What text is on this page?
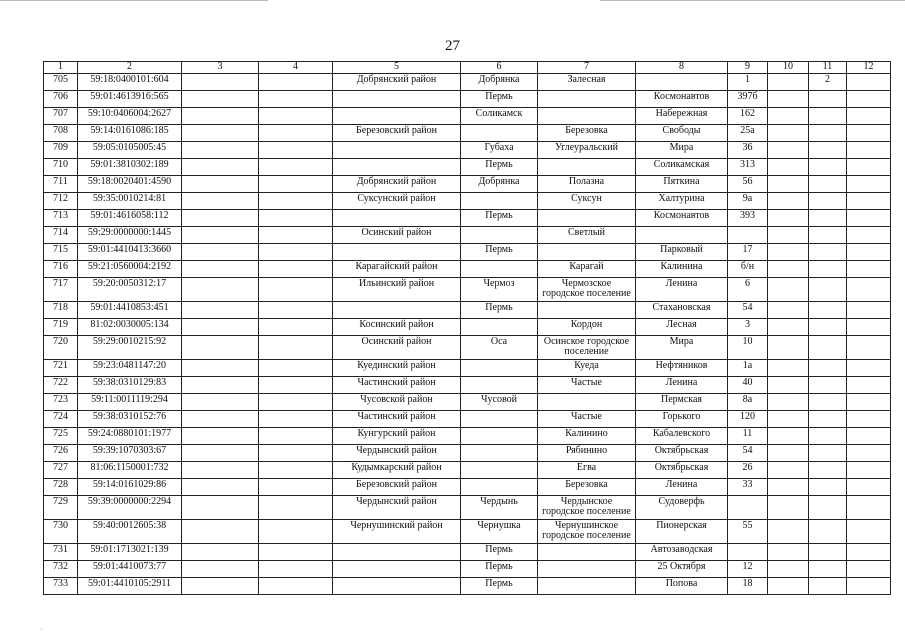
27
1	2	3	4	5	6	7	8	9	10	11	12
705	59:18:0400101:604			Добрянский район	Добрянка	Залесная		1		2	
706	59:01:4613916:565				Пермь		Космонавтов	397б			
707	59:10:0406004:2627				Соликамск		Набережная	162			
708	59:14:0161086:185			Березовский район		Березовка	Свободы	25а			
709	59:05:0105005:45				Губаха	Углеуральский	Мира	36			
710	59:01:3810302:189				Пермь		Соликамская	313			
711	59:18:0020401:4590			Добрянский район	Добрянка	Полазна	Пяткина	56			
712	59:35:0010214:81			Суксунский район		Суксун	Халтурина	9а			
713	59:01:4616058:112				Пермь		Космонавтов	393			
714	59:29:0000000:1445			Осинский район		Светлый					
715	59:01:4410413:3660				Пермь		Парковый	17			
716	59:21:0560004:2192			Карагайский район		Карагай	Калинина	б/н			
717	59:20:0050312:17			Ильинский район	Чермоз	Чермозское городское поселение	Ленина	6			
718	59:01:4410853:451				Пермь		Стахановская	54			
719	81:02:0030005:134			Косинский район		Кордон	Лесная	3			
720	59:29:0010215:92			Осинский район	Оса	Осинское городское поселение	Мира	10			
721	59:23:0481147:20			Куединский район		Куеда	Нефтяников	1а			
722	59:38:0310129:83			Частинский район		Частые	Ленина	40			
723	59:11:0011119:294			Чусовской район	Чусовой		Пермская	8а			
724	59:38:0310152:76			Частинский район		Частые	Горького	120			
725	59:24:0880101:1977			Кунгурский район		Калинино	Кабалевского	11			
726	59:39:1070303:67			Чердынский район		Рябинино	Октябрьская	54			
727	81:06:1150001:732			Кудымкарский район		Егва	Октябрьская	26			
728	59:14:0161029:86			Березовский район		Березовка	Ленина	33			
729	59:39:0000000:2294			Чердынский район	Чердынь	Чердынское городское поселение	Судоверфь				
730	59:40:0012605:38			Чернушинский район	Чернушка	Чернушинское городское поселение	Пионерская	55			
731	59:01:1713021:139				Пермь		Автозаводская				
732	59:01:4410073:77				Пермь		25 Октября	12			
733	59:01:4410105:2911				Пермь		Попова	18			
·
